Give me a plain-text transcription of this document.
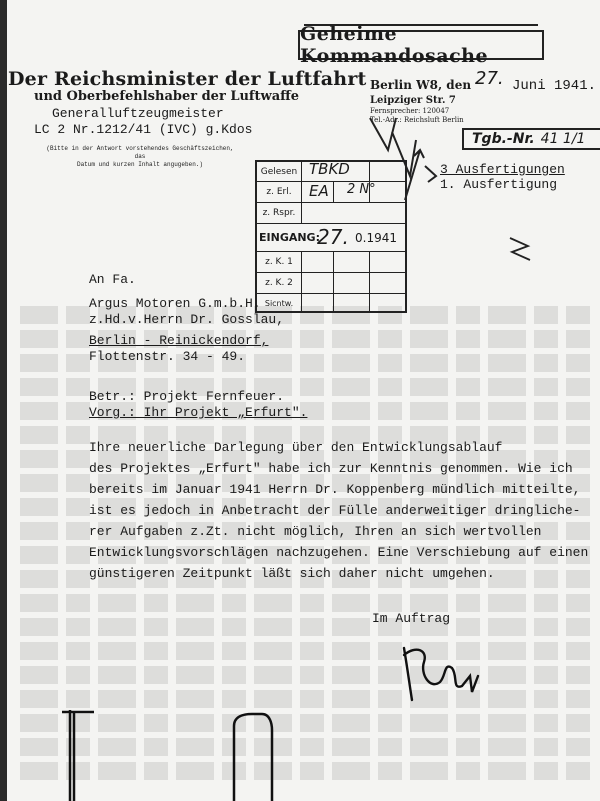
Geheime Kommandosache
Der Reichsminister der Luftfahrt
und Oberbefehlshaber der Luftwaffe
Generalluftzeugmeister
LC 2 Nr.1212/41 (IVC) g.Kdos
(Bitte in der Antwort vorstehendes Geschäftszeichen, das
Datum und kurzen Inhalt angugeben.)
Berlin W8, den 27. Juni 1941.
Leipziger Str. 7
Fernsprecher: 120047
Tel.-Adr.: Reichsluft Berlin
Tgb.-Nr. 41 1/1
3 Ausfertigungen
1. Ausfertigung
Gelesen TBKD
z. Erl.	EA 2 N°
z. Rspr.
EINGANG:
27. 0.1941
z. K. 1
z. K. 2
Sicntw.
An Fa.
Argus Motoren G.m.b.H.
z.Hd.v.Herrn Dr. Gosslau,
Berlin - Reinickendorf,
Flottenstr. 34 - 49.
Betr.: Projekt Fernfeuer.
Vorg.: Ihr Projekt „Erfurt".
Ihre neuerliche Darlegung über den Entwicklungsablauf
des Projektes „Erfurt" habe ich zur Kenntnis genommen. Wie ich
bereits im Januar 1941 Herrn Dr. Koppenberg mündlich mitteilte,
ist es jedoch in Anbetracht der Fülle anderweitiger dringliche-
rer Aufgaben z.Zt. nicht möglich, Ihren an sich wertvollen
Entwicklungsvorschlägen nachzugehen. Eine Verschiebung auf einen
günstigeren Zeitpunkt läßt sich daher nicht umgehen.
Im Auftrag
